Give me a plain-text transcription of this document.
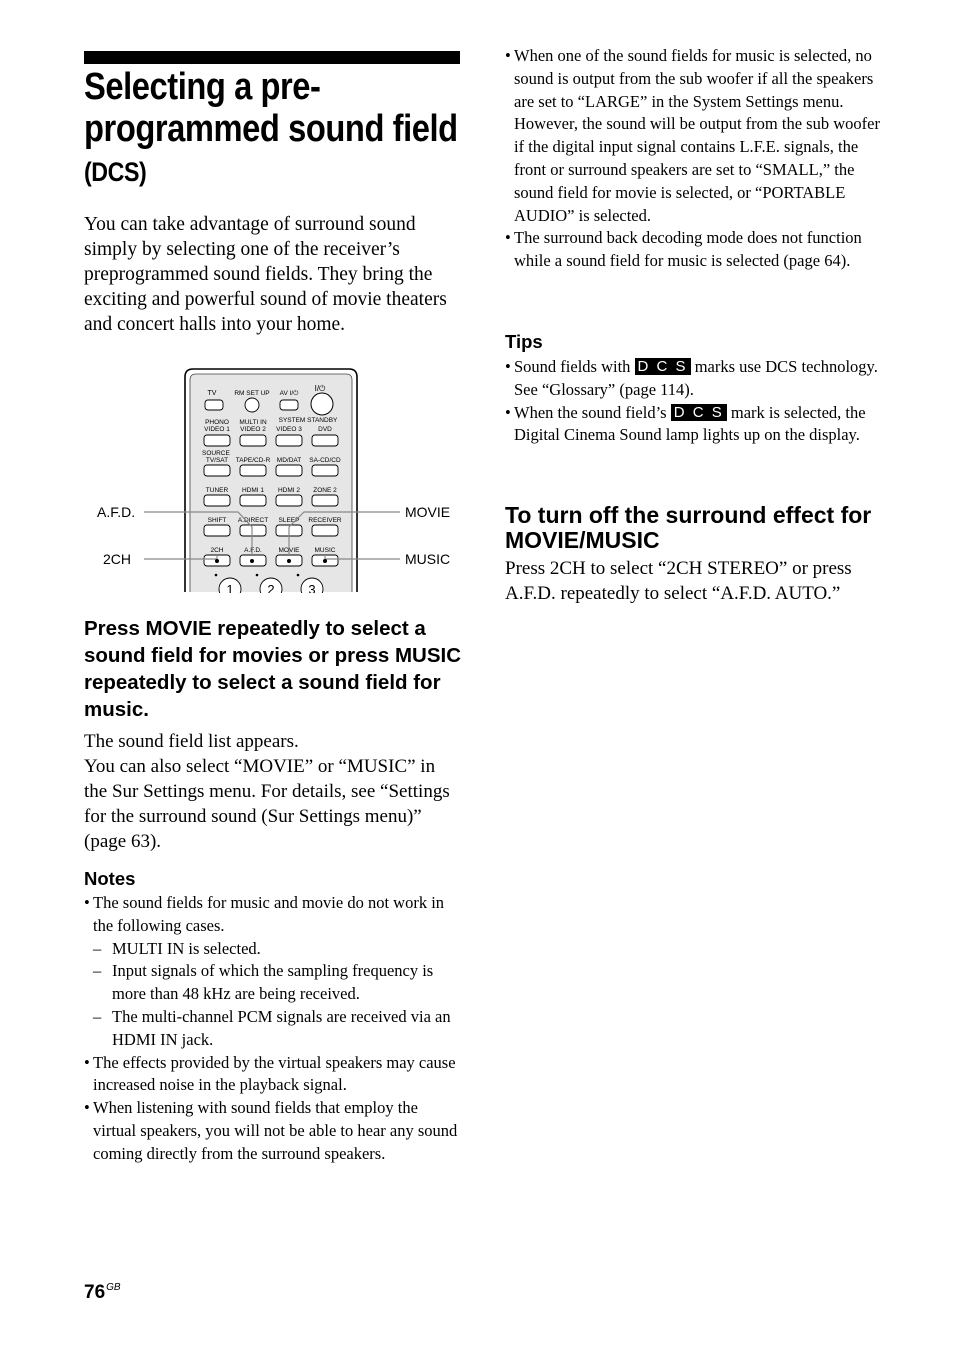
Selecting a pre-
programmed sound field
(DCS)

You can take advantage of surround sound simply by selecting one of the receiver’s preprogrammed sound fields. They bring the exciting and powerful sound of movie theaters and concert halls into your home.

TV	RM SET UP AV I/⏻
I/⏻
PHONO
VIDEO 1
MULTI IN
VIDEO 2
SYSTEM STANDBY
VIDEO 3	DVD
SOURCE
TV/SAT TAPE/CD-R MD/DAT SA-CD/CD
TUNER HDMI 1 HDMI 2 ZONE 2
SHIFT A.DIRECT SLEEP RECEIVER
2CH	A.F.D.	MOVIE MUSIC
1	2	3
A.F.D.
2CH
MOVIE
MUSIC
Press MOVIE repeatedly to select a sound field for movies or press MUSIC repeatedly to select a sound field for music.

The sound field list appears.

You can also select “MOVIE” or “MUSIC” in the Sur Settings menu. For details, see “Settings for the surround sound (Sur Settings menu)” (page 63).

Notes
• The sound fields for music and movie do not work in the following cases.
– MULTI IN is selected.
– Input signals of which the sampling frequency is more than 48 kHz are being received.
– The multi-channel PCM signals are received via an HDMI IN jack.
• The effects provided by the virtual speakers may cause increased noise in the playback signal.
• When listening with sound fields that employ the virtual speakers, you will not be able to hear any sound coming directly from the surround speakers.
• When one of the sound fields for music is selected, no sound is output from the sub woofer if all the speakers are set to “LARGE” in the System Settings menu. However, the sound will be output from the sub woofer if the digital input signal contains L.F.E. signals, the front or surround speakers are set to “SMALL,” the sound field for movie is selected, or “PORTABLE AUDIO” is selected.
• The surround back decoding mode does not function while a sound field for music is selected (page 64).
Tips
• Sound fields with D C S marks use DCS technology. See “Glossary” (page 114).
• When the sound field’s D C S mark is selected, the Digital Cinema Sound lamp lights up on the display.
To turn off the surround effect for MOVIE/MUSIC

Press 2CH to select “2CH STEREO” or press A.F.D. repeatedly to select “A.F.D. AUTO.”

$76^{GB}$
